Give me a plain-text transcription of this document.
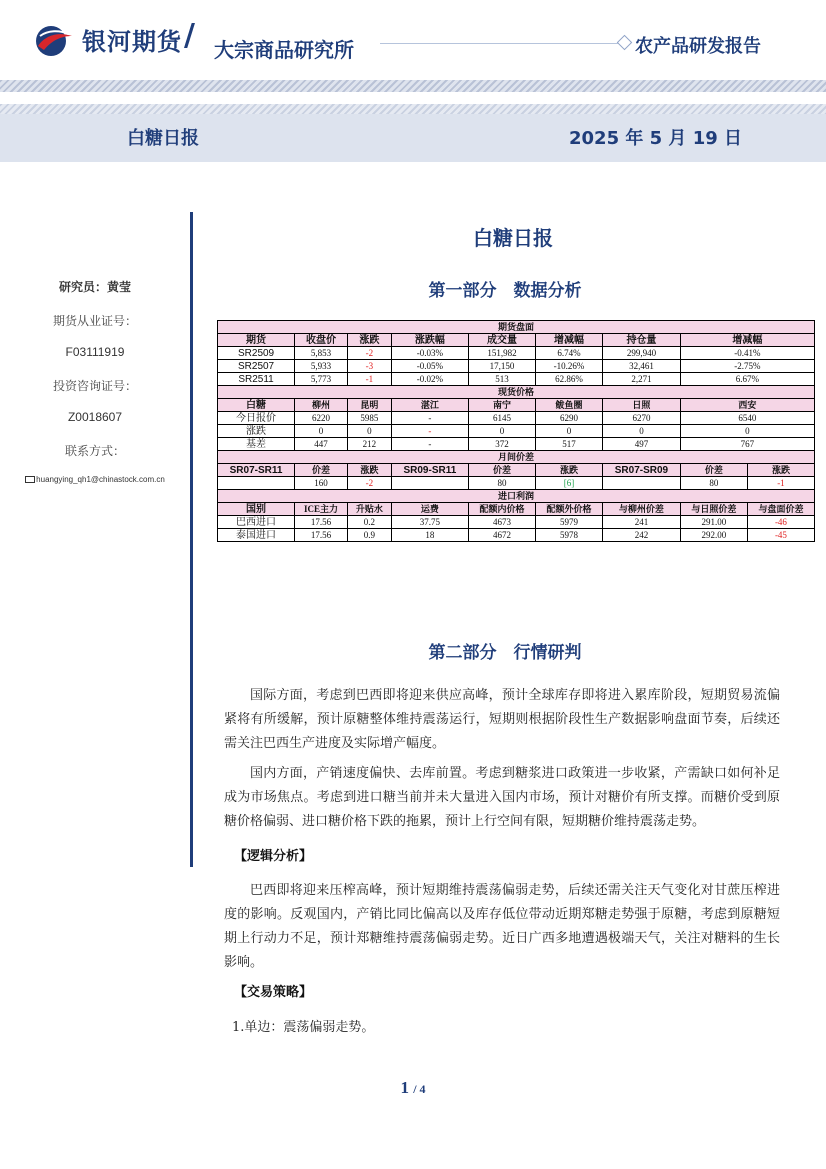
银河期货 / 大宗商品研究所	农产品研发报告
白糖日报	2025 年 5 月 19 日
研究员：黄莹
期货从业证号：
F03111919
投资咨询证号：
Z0018607
联系方式：
huangying_qh1@chinastock.com.cn
白糖日报
第一部分　数据分析
期货盘面								
期货	收盘价	涨跌	涨跌幅	成交量	增减幅	持仓量	增减幅	
SR2509	5,853	-2	-0.03%	151,982	6.74%	299,940	-0.41%	
SR2507	5,933	-3	-0.05%	17,150	-10.26%	32,461	-2.75%	
SR2511	5,773	-1	-0.02%	513	62.86%	2,271	6.67%	
现货价格								
白糖	柳州	昆明	湛江	南宁	鲅鱼圈	日照	西安	
今日报价	6220	5985	-	6145	6290	6270	6540	
涨跌	0	0	-	0	0	0	0	
基差	447	212	-	372	517	497	767	
月间价差								
SR07-SR11	价差	涨跌	SR09-SR11	价差	涨跌	SR07-SR09	价差	涨跌
	160	-2		80	[6]		80	-1
进口利润								
国别	ICE主力	升贴水	运费	配额内价格	配额外价格	与柳州价差	与日照价差	与盘面价差
巴西进口	17.56	0.2	37.75	4673	5979	241	291.00	-46
泰国进口	17.56	0.9	18	4672	5978	242	292.00	-45
第二部分　行情研判
国际方面，考虑到巴西即将迎来供应高峰，预计全球库存即将进入累库阶段，短期贸易流偏紧将有所缓解，预计原糖整体维持震荡运行，短期则根据阶段性生产数据影响盘面节奏，后续还需关注巴西生产进度及实际增产幅度。
国内方面，产销速度偏快、去库前置。考虑到糖浆进口政策进一步收紧，产需缺口如何补足成为市场焦点。考虑到进口糖当前并未大量进入国内市场，预计对糖价有所支撑。而糖价受到原糖价格偏弱、进口糖价格下跌的拖累，预计上行空间有限，短期糖价维持震荡走势。
【逻辑分析】
巴西即将迎来压榨高峰，预计短期维持震荡偏弱走势，后续还需关注天气变化对甘蔗压榨进度的影响。反观国内，产销比同比偏高以及库存低位带动近期郑糖走势强于原糖，考虑到原糖短期上行动力不足，预计郑糖维持震荡偏弱走势。近日广西多地遭遇极端天气，关注对糖料的生长影响。
【交易策略】
1.单边：震荡偏弱走势。
1 / 4
